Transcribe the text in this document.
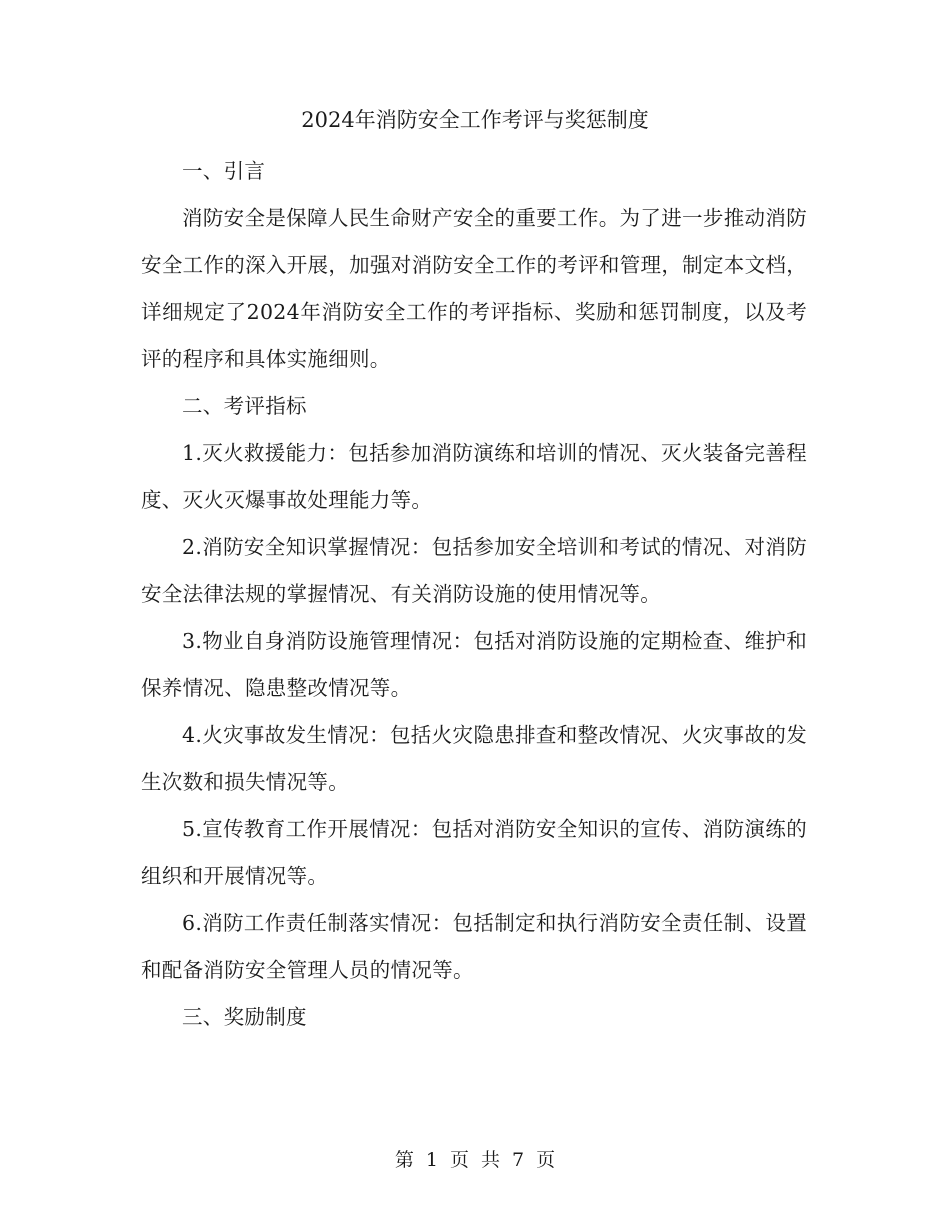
2024年消防安全工作考评与奖惩制度

一、引言

消防安全是保障人民生命财产安全的重要工作。为了进一步推动消防安全工作的深入开展，加强对消防安全工作的考评和管理，制定本文档，详细规定了2024年消防安全工作的考评指标、奖励和惩罚制度，以及考评的程序和具体实施细则。

二、考评指标

1.灭火救援能力：包括参加消防演练和培训的情况、灭火装备完善程度、灭火灭爆事故处理能力等。

2.消防安全知识掌握情况：包括参加安全培训和考试的情况、对消防安全法律法规的掌握情况、有关消防设施的使用情况等。

3.物业自身消防设施管理情况：包括对消防设施的定期检查、维护和保养情况、隐患整改情况等。

4.火灾事故发生情况：包括火灾隐患排查和整改情况、火灾事故的发生次数和损失情况等。

5.宣传教育工作开展情况：包括对消防安全知识的宣传、消防演练的组织和开展情况等。

6.消防工作责任制落实情况：包括制定和执行消防安全责任制、设置和配备消防安全管理人员的情况等。

三、奖励制度

第 1 页 共 7 页
